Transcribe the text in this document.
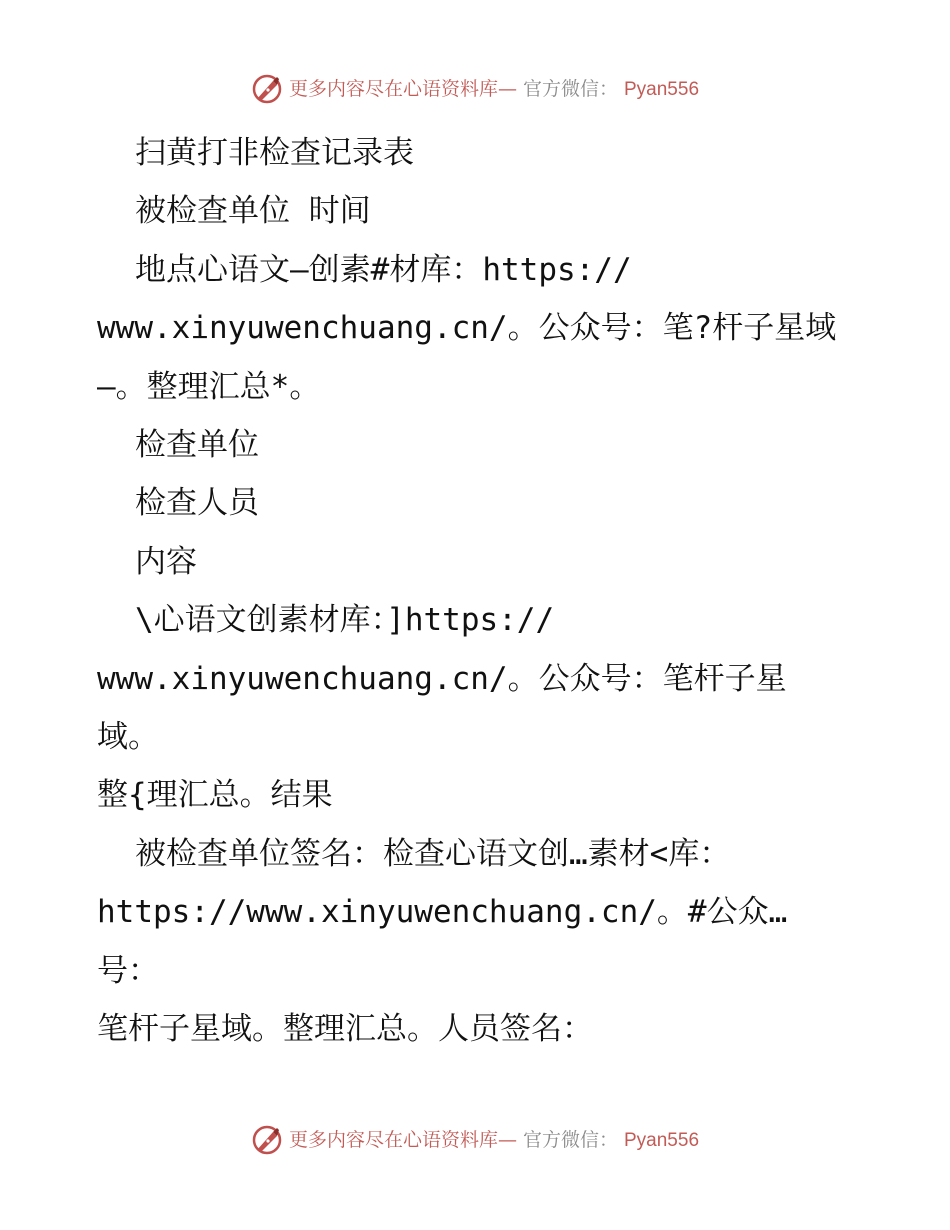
更多内容尽在心语资料库— 官方微信： Pyan556

扫黄打非检查记录表

被检查单位 时间

地点心语文—创素#材库：https://

www.xinyuwenchuang.cn/。公众号：笔?杆子星域

—。整理汇总*。

检查单位

检查人员

内容

\心语文创素材库：]https://

www.xinyuwenchuang.cn/。公众号：笔杆子星域。

整{理汇总。结果

被检查单位签名：检查心语文创…素材<库：

https://www.xinyuwenchuang.cn/。#公众…号：

笔杆子星域。整理汇总。人员签名：

更多内容尽在心语资料库— 官方微信： Pyan556
